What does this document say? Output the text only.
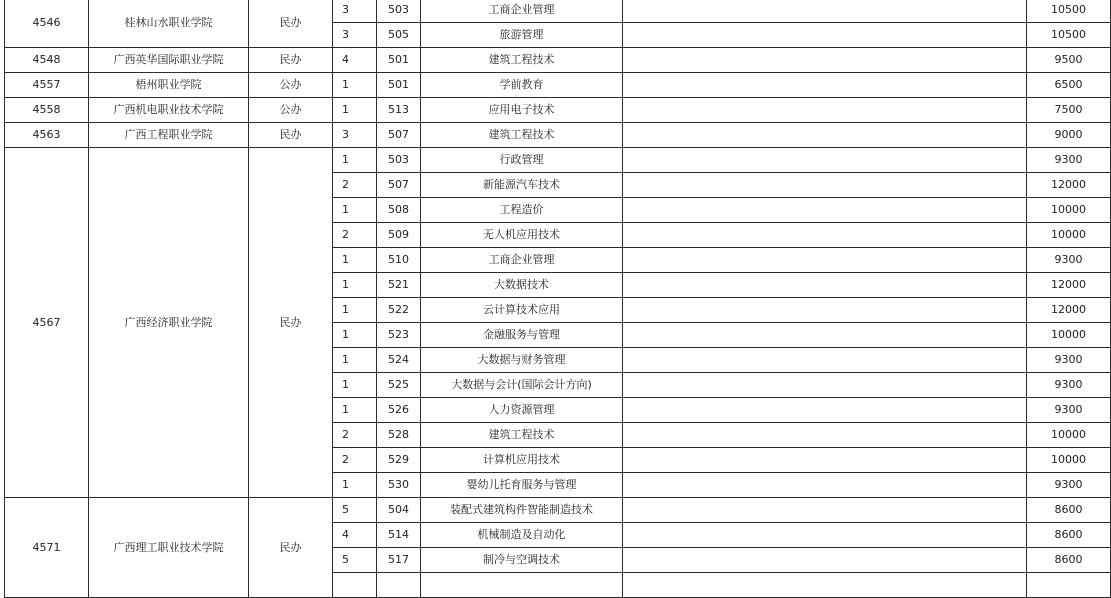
4546	桂林山水职业学院	民办	3	503	工商企业管理		10500
			3	505	旅游管理		10500
4548	广西英华国际职业学院	民办	4	501	建筑工程技术		9500
4557	梧州职业学院	公办	1	501	学前教育		6500
4558	广西机电职业技术学院	公办	1	513	应用电子技术		7500
4563	广西工程职业学院	民办	3	507	建筑工程技术		9000
4567	广西经济职业学院	民办	1	503	行政管理		9300
			2	507	新能源汽车技术		12000
			1	508	工程造价		10000
			2	509	无人机应用技术		10000
			1	510	工商企业管理		9300
			1	521	大数据技术		12000
			1	522	云计算技术应用		12000
			1	523	金融服务与管理		10000
			1	524	大数据与财务管理		9300
			1	525	大数据与会计(国际会计方向)		9300
			1	526	人力资源管理		9300
			2	528	建筑工程技术		10000
			2	529	计算机应用技术		10000
			1	530	婴幼儿托育服务与管理		9300
4571	广西理工职业技术学院	民办	5	504	装配式建筑构件智能制造技术		8600
			4	514	机械制造及自动化		8600
			5	517	制冷与空调技术		8600
